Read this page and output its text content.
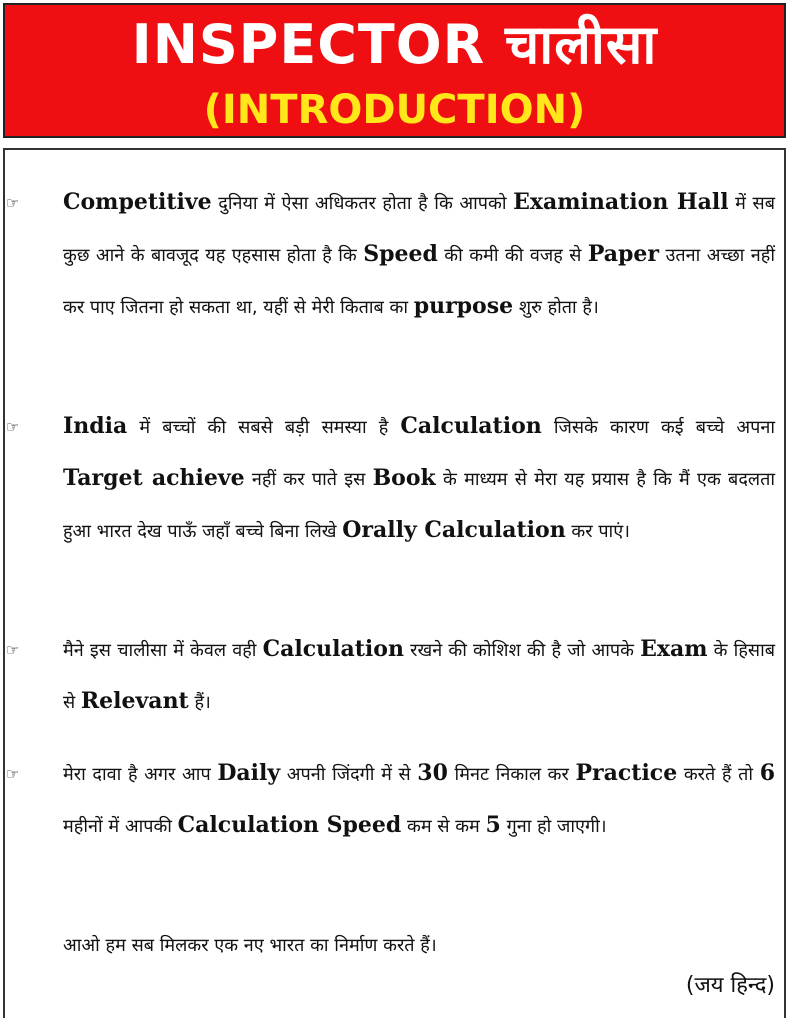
INSPECTOR चालीसा
(INTRODUCTION)
☞	Competitive दुनिया में ऐसा अधिकतर होता है कि आपको Examination Hall में सब कुछ आने के बावजूद यह एहसास होता है कि Speed की कमी की वजह से Paper उतना अच्छा नहीं कर पाए जितना हो सकता था, यहीं से मेरी किताब का purpose शुरु होता है।
☞	India में बच्चों की सबसे बड़ी समस्या है Calculation जिसके कारण कई बच्चे अपना Target achieve नहीं कर पाते इस Book के माध्यम से मेरा यह प्रयास है कि मैं एक बदलता हुआ भारत देख पाऊँ जहाँ बच्चे बिना लिखे Orally Calculation कर पाएं।
☞	मैने इस चालीसा में केवल वही Calculation रखने की कोशिश की है जो आपके Exam के हिसाब से Relevant हैं।
☞	मेरा दावा है अगर आप Daily अपनी जिंदगी में से 30 मिनट निकाल कर Practice करते हैं तो 6 महीनों में आपकी Calculation Speed कम से कम 5 गुना हो जाएगी।
आओ हम सब मिलकर एक नए भारत का निर्माण करते हैं।
(जय हिन्द)
